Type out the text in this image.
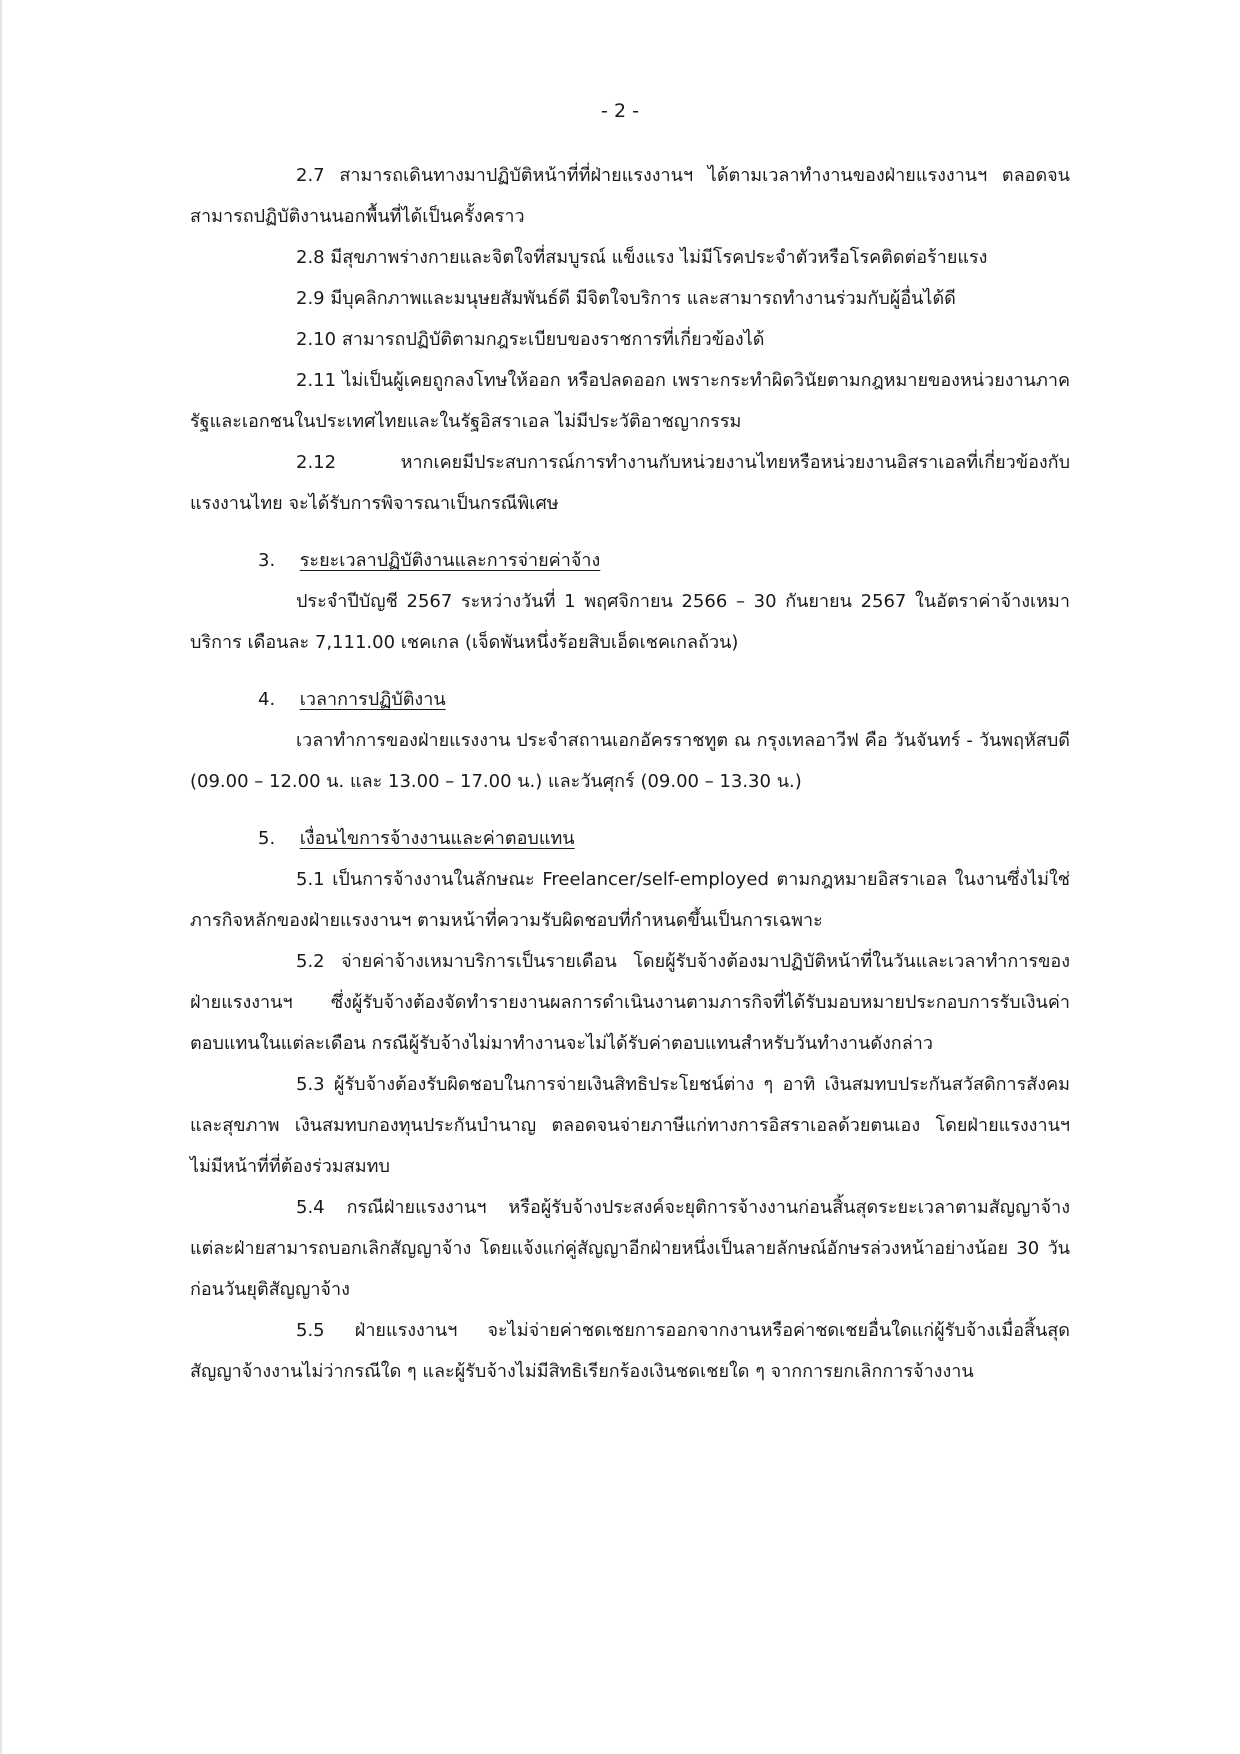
- 2 -

2.7 สามารถเดินทางมาปฏิบัติหน้าที่ที่ฝ่ายแรงงานฯ ได้ตามเวลาทำงานของฝ่ายแรงงานฯ ตลอดจนสามารถปฏิบัติงานนอกพื้นที่ได้เป็นครั้งคราว

2.8 มีสุขภาพร่างกายและจิตใจที่สมบูรณ์ แข็งแรง ไม่มีโรคประจำตัวหรือโรคติดต่อร้ายแรง

2.9 มีบุคลิกภาพและมนุษยสัมพันธ์ดี มีจิตใจบริการ และสามารถทำงานร่วมกับผู้อื่นได้ดี

2.10 สามารถปฏิบัติตามกฎระเบียบของราชการที่เกี่ยวข้องได้

2.11 ไม่เป็นผู้เคยถูกลงโทษให้ออก หรือปลดออก เพราะกระทำผิดวินัยตามกฎหมายของหน่วยงานภาครัฐและเอกชนในประเทศไทยและในรัฐอิสราเอล ไม่มีประวัติอาชญากรรม

2.12	หากเคยมีประสบการณ์การทำงานกับหน่วยงานไทยหรือหน่วยงานอิสราเอลที่เกี่ยวข้องกับแรงงานไทย จะได้รับการพิจารณาเป็นกรณีพิเศษ

3. ระยะเวลาปฏิบัติงานและการจ่ายค่าจ้าง

ประจำปีบัญชี 2567 ระหว่างวันที่ 1 พฤศจิกายน 2566 – 30 กันยายน 2567 ในอัตราค่าจ้างเหมาบริการ เดือนละ 7,111.00 เชคเกล (เจ็ดพันหนึ่งร้อยสิบเอ็ดเชคเกลถ้วน)

4. เวลาการปฏิบัติงาน

เวลาทำการของฝ่ายแรงงาน ประจำสถานเอกอัครราชทูต ณ กรุงเทลอาวีฟ คือ วันจันทร์ - วันพฤหัสบดี (09.00 – 12.00 น. และ 13.00 – 17.00 น.) และวันศุกร์ (09.00 – 13.30 น.)

5. เงื่อนไขการจ้างงานและค่าตอบแทน

5.1 เป็นการจ้างงานในลักษณะ Freelancer/self-employed ตามกฎหมายอิสราเอล ในงานซึ่งไม่ใช่ภารกิจหลักของฝ่ายแรงงานฯ ตามหน้าที่ความรับผิดชอบที่กำหนดขึ้นเป็นการเฉพาะ

5.2 จ่ายค่าจ้างเหมาบริการเป็นรายเดือน โดยผู้รับจ้างต้องมาปฏิบัติหน้าที่ในวันและเวลาทำการของฝ่ายแรงงานฯ ซึ่งผู้รับจ้างต้องจัดทำรายงานผลการดำเนินงานตามภารกิจที่ได้รับมอบหมายประกอบการรับเงินค่าตอบแทนในแต่ละเดือน กรณีผู้รับจ้างไม่มาทำงานจะไม่ได้รับค่าตอบแทนสำหรับวันทำงานดังกล่าว

5.3 ผู้รับจ้างต้องรับผิดชอบในการจ่ายเงินสิทธิประโยชน์ต่าง ๆ อาทิ เงินสมทบประกันสวัสดิการสังคมและสุขภาพ เงินสมทบกองทุนประกันบำนาญ ตลอดจนจ่ายภาษีแก่ทางการอิสราเอลด้วยตนเอง โดยฝ่ายแรงงานฯ ไม่มีหน้าที่ที่ต้องร่วมสมทบ

5.4 กรณีฝ่ายแรงงานฯ หรือผู้รับจ้างประสงค์จะยุติการจ้างงานก่อนสิ้นสุดระยะเวลาตามสัญญาจ้าง แต่ละฝ่ายสามารถบอกเลิกสัญญาจ้าง โดยแจ้งแก่คู่สัญญาอีกฝ่ายหนึ่งเป็นลายลักษณ์อักษรล่วงหน้าอย่างน้อย 30 วัน ก่อนวันยุติสัญญาจ้าง

5.5 ฝ่ายแรงงานฯ จะไม่จ่ายค่าชดเชยการออกจากงานหรือค่าชดเชยอื่นใดแก่ผู้รับจ้างเมื่อสิ้นสุดสัญญาจ้างงานไม่ว่ากรณีใด ๆ และผู้รับจ้างไม่มีสิทธิเรียกร้องเงินชดเชยใด ๆ จากการยกเลิกการจ้างงาน
